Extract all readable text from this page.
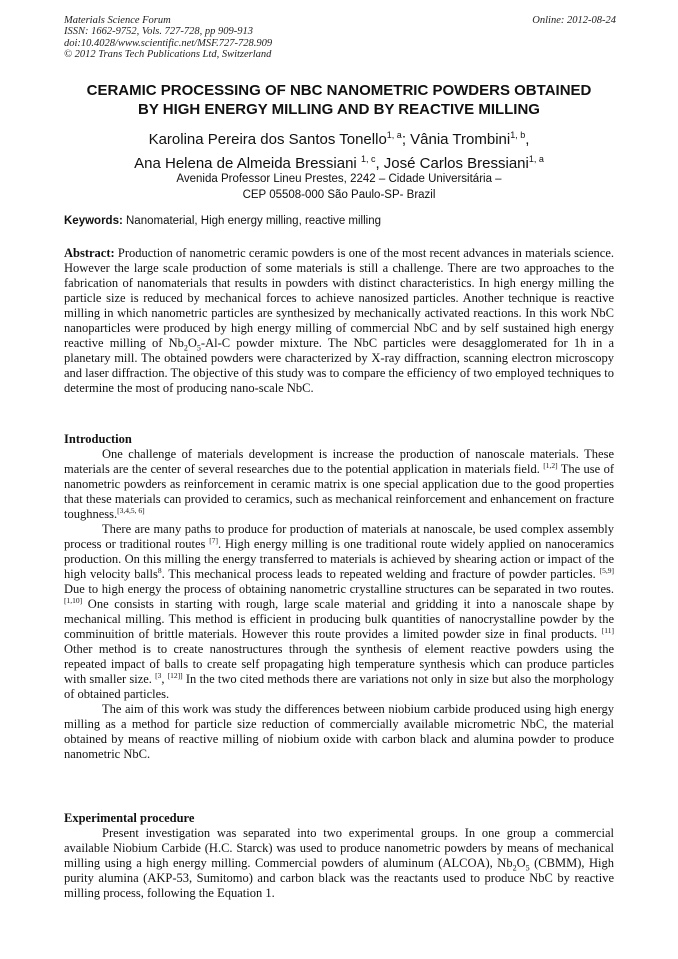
Materials Science Forum
ISSN: 1662-9752, Vols. 727-728, pp 909-913
doi:10.4028/www.scientific.net/MSF.727-728.909
© 2012 Trans Tech Publications Ltd, Switzerland
Online: 2012-08-24
CERAMIC PROCESSING OF NBC NANOMETRIC POWDERS OBTAINED
BY HIGH ENERGY MILLING AND BY REACTIVE MILLING
Karolina Pereira dos Santos Tonello$^{1, a}$; Vânia Trombini$^{1, b}$,
Ana Helena de Almeida Bressiani $^{1, c}$, José Carlos Bressiani$^{1, a}$
Avenida Professor Lineu Prestes, 2242 – Cidade Universitária –
CEP 05508-000 São Paulo-SP- Brazil
Keywords: Nanomaterial, High energy milling, reactive milling

Abstract: Production of nanometric ceramic powders is one of the most recent advances in materials science. However the large scale production of some materials is still a challenge. There are two approaches to the fabrication of nanomaterials that results in powders with distinct characteristics. In high energy milling the particle size is reduced by mechanical forces to achieve nanosized particles. Another technique is reactive milling in which nanometric particles are synthesized by mechanically activated reactions. In this work NbC nanoparticles were produced by high energy milling of commercial NbC and by self sustained high energy reactive milling of $Nb_2O_5-Al-C$ powder mixture. The NbC particles were desagglomerated for 1h in a planetary mill. The obtained powders were characterized by X-ray diffraction, scanning electron microscopy and laser diffraction. The objective of this study was to compare the efficiency of two employed techniques to determine the most of producing nano-scale NbC.

Introduction

One challenge of materials development is increase the production of nanoscale materials. These materials are the center of several researches due to the potential application in materials field. [1,2] The use of nanometric powders as reinforcement in ceramic matrix is one special application due to the good properties that these materials can provided to ceramics, such as mechanical reinforcement and enhancement on fracture toughness.[3,4,5, 6]

There are many paths to produce for production of materials at nanoscale, be used complex assembly process or traditional routes [7]. High energy milling is one traditional route widely applied on nanoceramics production. On this milling the energy transferred to materials is achieved by shearing action or impact of the high velocity balls$^8$. This mechanical process leads to repeated welding and fracture of powder particles. [5,9] Due to high energy the process of obtaining nanometric crystalline structures can be separated in two routes.[1,10] One consists in starting with rough, large scale material and gridding it into a nanoscale shape by mechanical milling. This method is efficient in producing bulk quantities of nanocrystalline powder by the comminuition of brittle materials. However this route provides a limited powder size in final products. [11] Other method is to create nanostructures through the synthesis of element reactive powders using the repeated impact of balls to create self propagating high temperature synthesis which can produce particles with smaller size. $^{[3}$, [12]] In the two cited methods there are variations not only in size but also the morphology of obtained particles.

The aim of this work was study the differences between niobium carbide produced using high energy milling as a method for particle size reduction of commercially available micrometric NbC, the material obtained by means of reactive milling of niobium oxide with carbon black and alumina powder to produce nanometric NbC.

Experimental procedure

Present investigation was separated into two experimental groups. In one group a commercial available Niobium Carbide (H.C. Starck) was used to produce nanometric powders by means of mechanical milling using a high energy milling. Commercial powders of aluminum (ALCOA), $Nb_2O_5$ (CBMM), High purity alumina (AKP-53, Sumitomo) and carbon black was the reactants used to produce NbC by reactive milling process, following the Equation 1.
